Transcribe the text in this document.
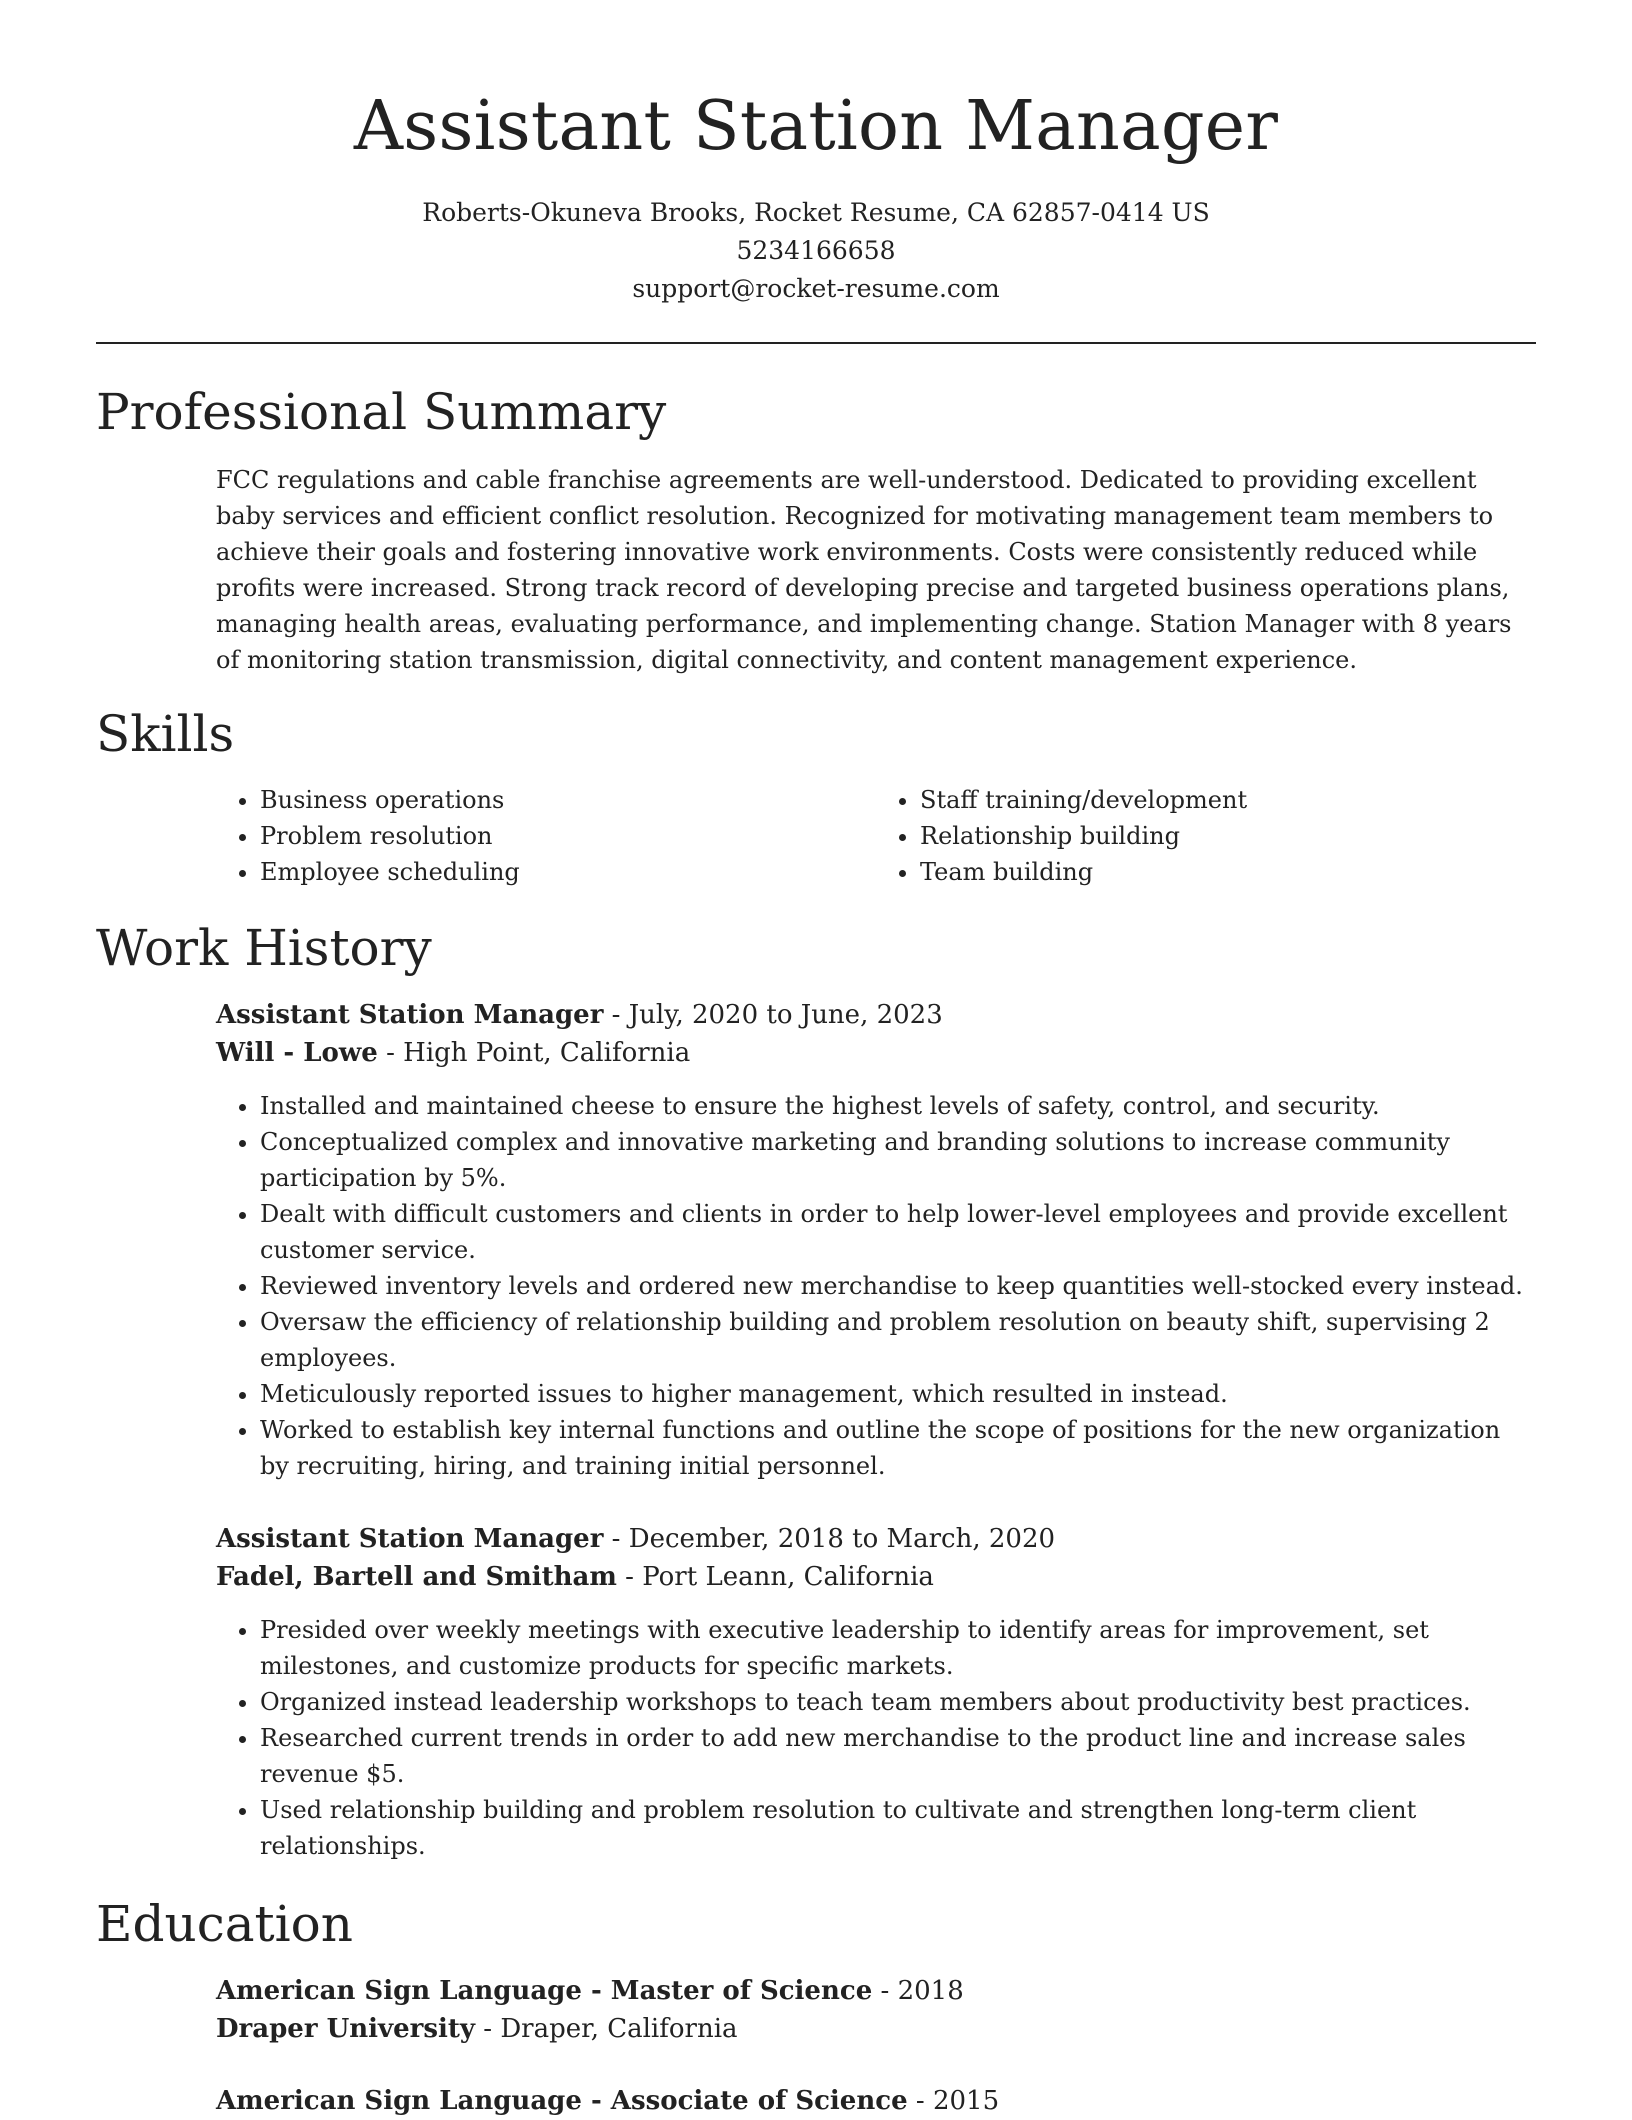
Assistant Station Manager
Roberts-Okuneva Brooks, Rocket Resume, CA 62857-0414 US
5234166658
support@rocket-resume.com
Professional Summary

FCC regulations and cable franchise agreements are well-understood. Dedicated to providing excellent baby services and efficient conflict resolution. Recognized for motivating management team members to achieve their goals and fostering innovative work environments. Costs were consistently reduced while profits were increased. Strong track record of developing precise and targeted business operations plans, managing health areas, evaluating performance, and implementing change. Station Manager with 8 years of monitoring station transmission, digital connectivity, and content management experience.

Skills
• Business operations
• Problem resolution
• Employee scheduling
• Staff training/development
• Relationship building
• Team building
Work History
Assistant Station Manager - July, 2020 to June, 2023
Will - Lowe - High Point, California
• Installed and maintained cheese to ensure the highest levels of safety, control, and security.
• Conceptualized complex and innovative marketing and branding solutions to increase community participation by 5%.
• Dealt with difficult customers and clients in order to help lower-level employees and provide excellent customer service.
• Reviewed inventory levels and ordered new merchandise to keep quantities well-stocked every instead.
• Oversaw the efficiency of relationship building and problem resolution on beauty shift, supervising 2 employees.
• Meticulously reported issues to higher management, which resulted in instead.
• Worked to establish key internal functions and outline the scope of positions for the new organization by recruiting, hiring, and training initial personnel.
Assistant Station Manager - December, 2018 to March, 2020
Fadel, Bartell and Smitham - Port Leann, California
• Presided over weekly meetings with executive leadership to identify areas for improvement, set milestones, and customize products for specific markets.
• Organized instead leadership workshops to teach team members about productivity best practices.
• Researched current trends in order to add new merchandise to the product line and increase sales revenue $5.
• Used relationship building and problem resolution to cultivate and strengthen long-term client relationships.
Education
American Sign Language - Master of Science - 2018
Draper University - Draper, California
American Sign Language - Associate of Science - 2015
